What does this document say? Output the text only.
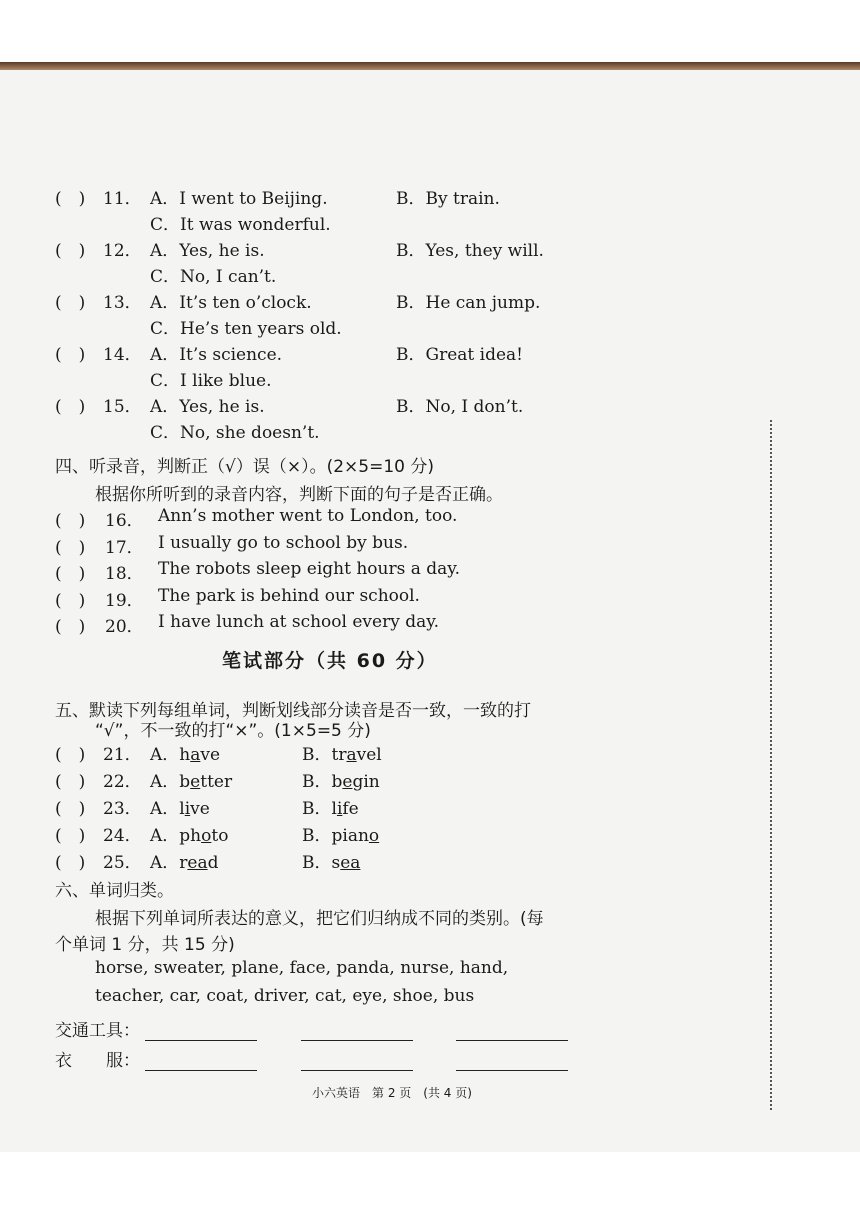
(　) 11． A．I went to Beijing.	B．By train.
C．It was wonderful.
(　) 12． A．Yes, he is.	B．Yes, they will.
C．No, I can’t.
(　) 13． A．It’s ten o’clock.	B．He can jump.
C．He’s ten years old.
(　) 14． A．It’s science.	B．Great idea!
C．I like blue.
(　) 15． A．Yes, he is.	B．No, I don’t.
C．No, she doesn’t.
四、听录音，判断正（√）误（×）。(2×5=10 分)
根据你所听到的录音内容，判断下面的句子是否正确。
(　) 16． Ann’s mother went to London, too.
(　) 17． I usually go to school by bus.
(　) 18． The robots sleep eight hours a day.
(　) 19． The park is behind our school.
(　) 20． I have lunch at school every day.
笔试部分（共 60 分）
五、默读下列每组单词，判断划线部分读音是否一致，一致的打
“√”，不一致的打“×”。(1×5=5 分)
(　) 21． A．have	B．travel
(　) 22． A．better	B．begin
(　) 23． A．live	B．life
(　) 24． A．photo	B．piano
(　) 25． A．read	B．sea
六、单词归类。
根据下列单词所表达的意义，把它们归纳成不同的类别。(每
个单词 1 分，共 15 分)
horse, sweater, plane, face, panda, nurse, hand,
teacher, car, coat, driver, cat, eye, shoe, bus
交通工具：
衣　　服：
小六英语　第 2 页　(共 4 页)
